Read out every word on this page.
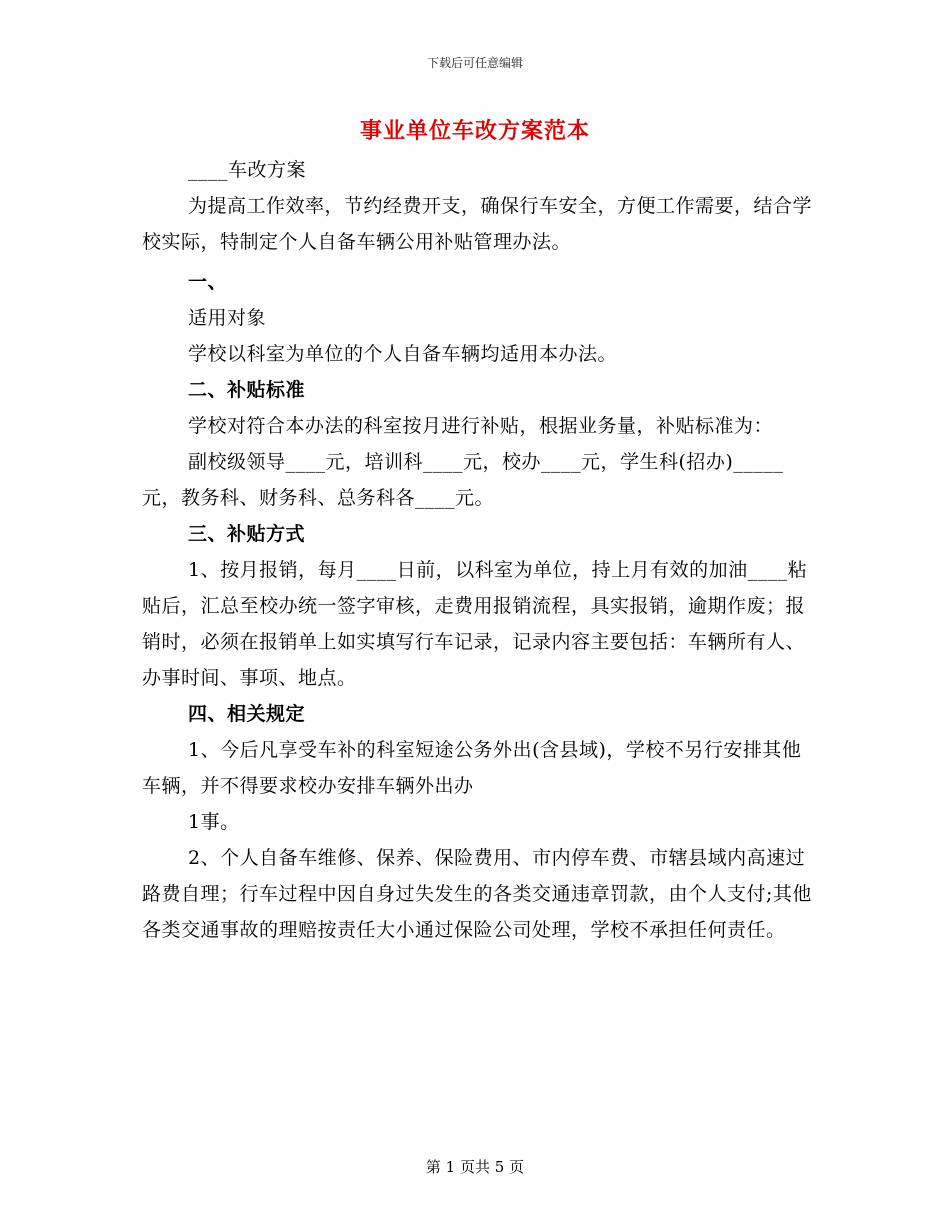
下载后可任意编辑
事业单位车改方案范本

____车改方案

为提高工作效率，节约经费开支，确保行车安全，方便工作需要，结合学校实际，特制定个人自备车辆公用补贴管理办法。

一、

适用对象

学校以科室为单位的个人自备车辆均适用本办法。

二、补贴标准

学校对符合本办法的科室按月进行补贴，根据业务量，补贴标准为：

副校级领导____元，培训科____元，校办____元，学生科(招办)_____元，教务科、财务科、总务科各____元。

三、补贴方式

1、按月报销，每月____日前，以科室为单位，持上月有效的加油____粘贴后，汇总至校办统一签字审核，走费用报销流程，具实报销，逾期作废；报销时，必须在报销单上如实填写行车记录，记录内容主要包括：车辆所有人、办事时间、事项、地点。

四、相关规定

1、今后凡享受车补的科室短途公务外出(含县域)，学校不另行安排其他车辆，并不得要求校办安排车辆外出办

1事。

2、个人自备车维修、保养、保险费用、市内停车费、市辖县域内高速过路费自理；行车过程中因自身过失发生的各类交通违章罚款，由个人支付;其他各类交通事故的理赔按责任大小通过保险公司处理，学校不承担任何责任。

第 1 页共 5 页
